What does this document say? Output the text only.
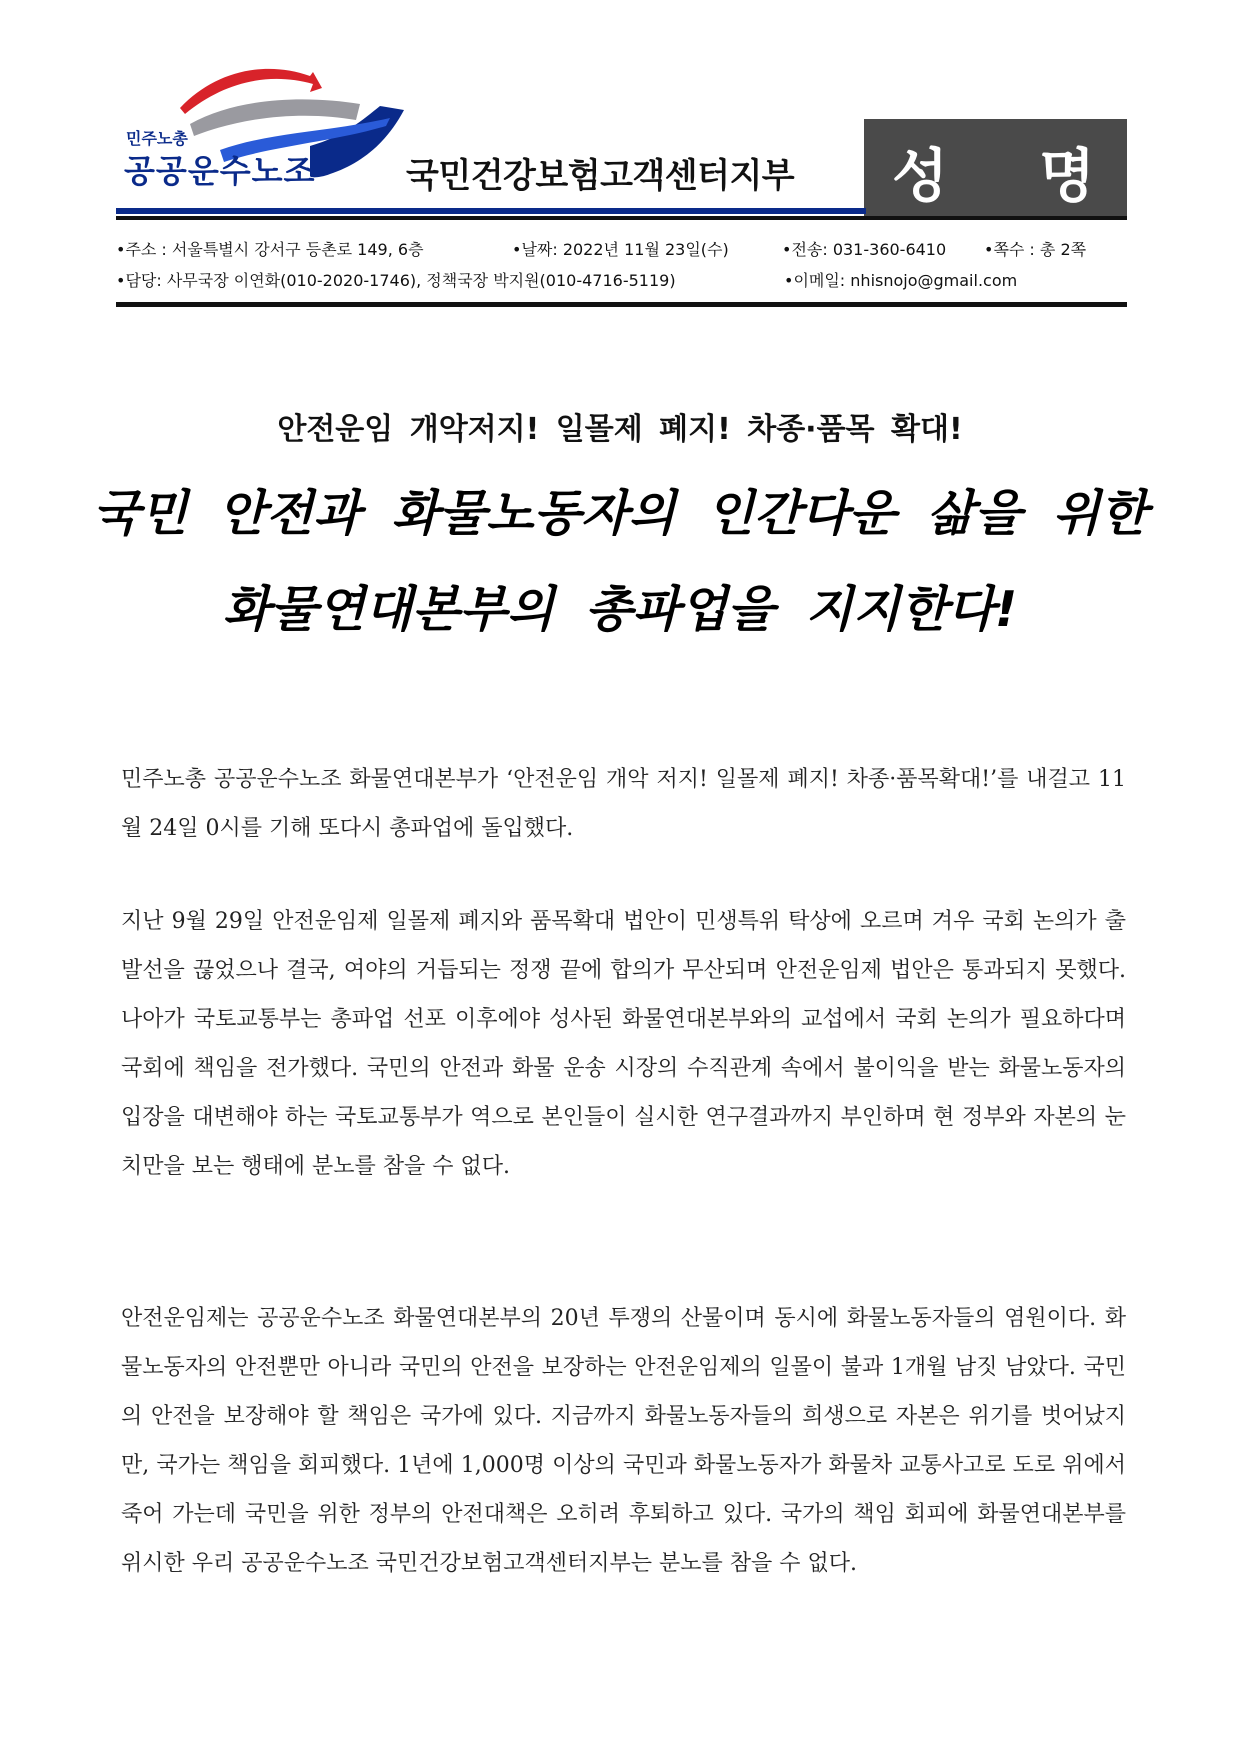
민주노총
공공운수노조	국민건강보험고객센터지부 성 명
•주소 : 서울특별시 강서구 등촌로 149, 6층	•날짜: 2022년 11월 23일(수)	•전송: 031-360-6410 •쪽수 : 총 2쪽
•담당: 사무국장 이연화(010-2020-1746), 정책국장 박지원(010-4716-5119)	•이메일: nhisnojo@gmail.com
안전운임 개악저지! 일몰제 폐지! 차종·품목 확대!
국민 안전과 화물노동자의 인간다운 삶을 위한
화물연대본부의 총파업을 지지한다!

민주노총 공공운수노조 화물연대본부가 ‘안전운임 개악 저지! 일몰제 폐지! 차종·품목확대!’를 내걸고 11월 24일 0시를 기해 또다시 총파업에 돌입했다.

지난 9월 29일 안전운임제 일몰제 폐지와 품목확대 법안이 민생특위 탁상에 오르며 겨우 국회 논의가 출발선을 끊었으나 결국, 여야의 거듭되는 정쟁 끝에 합의가 무산되며 안전운임제 법안은 통과되지 못했다. 나아가 국토교통부는 총파업 선포 이후에야 성사된 화물연대본부와의 교섭에서 국회 논의가 필요하다며 국회에 책임을 전가했다. 국민의 안전과 화물 운송 시장의 수직관계 속에서 불이익을 받는 화물노동자의 입장을 대변해야 하는 국토교통부가 역으로 본인들이 실시한 연구결과까지 부인하며 현 정부와 자본의 눈치만을 보는 행태에 분노를 참을 수 없다.

안전운임제는 공공운수노조 화물연대본부의 20년 투쟁의 산물이며 동시에 화물노동자들의 염원이다. 화물노동자의 안전뿐만 아니라 국민의 안전을 보장하는 안전운임제의 일몰이 불과 1개월 남짓 남았다. 국민의 안전을 보장해야 할 책임은 국가에 있다. 지금까지 화물노동자들의 희생으로 자본은 위기를 벗어났지만, 국가는 책임을 회피했다. 1년에 1,000명 이상의 국민과 화물노동자가 화물차 교통사고로 도로 위에서 죽어 가는데 국민을 위한 정부의 안전대책은 오히려 후퇴하고 있다. 국가의 책임 회피에 화물연대본부를 위시한 우리 공공운수노조 국민건강보험고객센터지부는 분노를 참을 수 없다.
